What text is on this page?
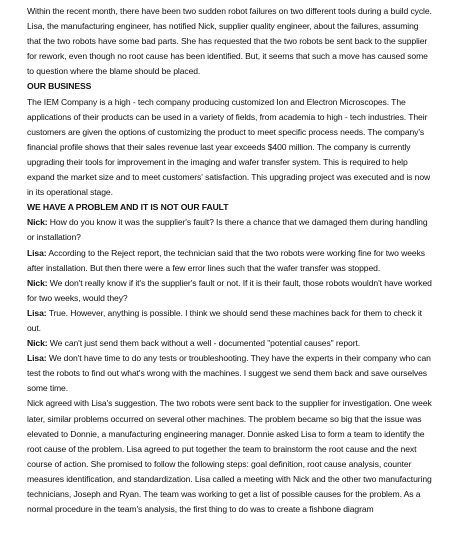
Within the recent month, there have been two sudden robot failures on two different tools during a build cycle. Lisa, the manufacturing engineer, has notified Nick, supplier quality engineer, about the failures, assuming that the two robots have some bad parts. She has requested that the two robots be sent back to the supplier for rework, even though no root cause has been identified. But, it seems that such a move has caused some to question where the blame should be placed.

OUR BUSINESS

The IEM Company is a high - tech company producing customized Ion and Electron Microscopes. The applications of their products can be used in a variety of fields, from academia to high - tech industries. Their customers are given the options of customizing the product to meet specific process needs. The company's financial profile shows that their sales revenue last year exceeds $400 million. The company is currently upgrading their tools for improvement in the imaging and wafer transfer system. This is required to help expand the market size and to meet customers' satisfaction. This upgrading project was executed and is now in its operational stage.

WE HAVE A PROBLEM AND IT IS NOT OUR FAULT

Nick: How do you know it was the supplier's fault? Is there a chance that we damaged them during handling or installation?

Lisa: According to the Reject report, the technician said that the two robots were working fine for two weeks after installation. But then there were a few error lines such that the wafer transfer was stopped.

Nick: We don't really know if it's the supplier's fault or not. If it is their fault, those robots wouldn't have worked for two weeks, would they?

Lisa: True. However, anything is possible. I think we should send these machines back for them to check it out.

Nick: We can't just send them back without a well - documented "potential causes" report.

Lisa: We don't have time to do any tests or troubleshooting. They have the experts in their company who can test the robots to find out what's wrong with the machines. I suggest we send them back and save ourselves some time.

Nick agreed with Lisa's suggestion. The two robots were sent back to the supplier for investigation. One week later, similar problems occurred on several other machines. The problem became so big that the issue was elevated to Donnie, a manufacturing engineering manager. Donnie asked Lisa to form a team to identify the root cause of the problem. Lisa agreed to put together the team to brainstorm the root cause and the next course of action. She promised to follow the following steps: goal definition, root cause analysis, counter measures identification, and standardization. Lisa called a meeting with Nick and the other two manufacturing technicians, Joseph and Ryan. The team was working to get a list of possible causes for the problem. As a normal procedure in the team's analysis, the first thing to do was to create a fishbone diagram
